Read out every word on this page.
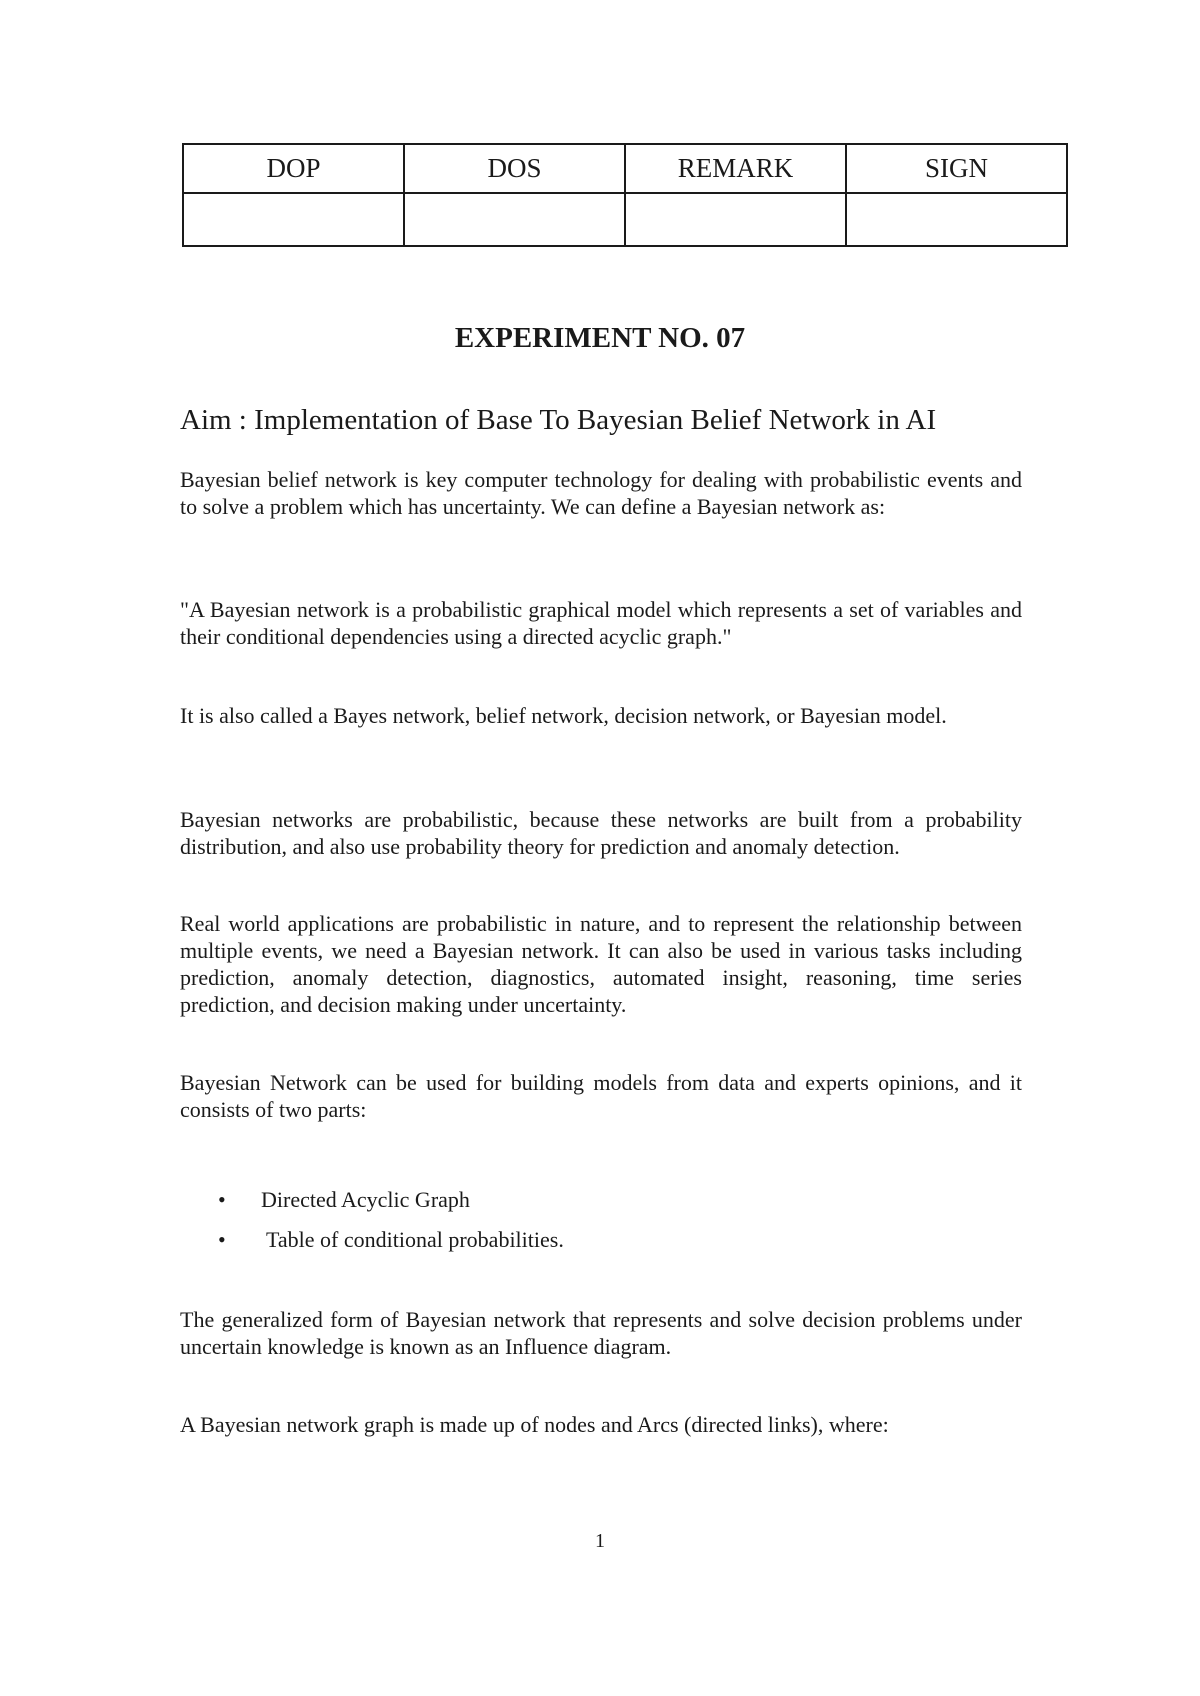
DOP	DOS	REMARK	SIGN

EXPERIMENT NO. 07
Aim : Implementation of Base To Bayesian Belief Network in AI

Bayesian belief network is key computer technology for dealing with probabilistic events and to solve a problem which has uncertainty. We can define a Bayesian network as:

"A Bayesian network is a probabilistic graphical model which represents a set of variables and their conditional dependencies using a directed acyclic graph."

It is also called a Bayes network, belief network, decision network, or Bayesian model.

Bayesian networks are probabilistic, because these networks are built from a probability distribution, and also use probability theory for prediction and anomaly detection.

Real world applications are probabilistic in nature, and to represent the relationship between multiple events, we need a Bayesian network. It can also be used in various tasks including prediction, anomaly detection, diagnostics, automated insight, reasoning, time series prediction, and decision making under uncertainty.

Bayesian Network can be used for building models from data and experts opinions, and it consists of two parts:

• Directed Acyclic Graph
• Table of conditional probabilities.

The generalized form of Bayesian network that represents and solve decision problems under uncertain knowledge is known as an Influence diagram.

A Bayesian network graph is made up of nodes and Arcs (directed links), where:

1
